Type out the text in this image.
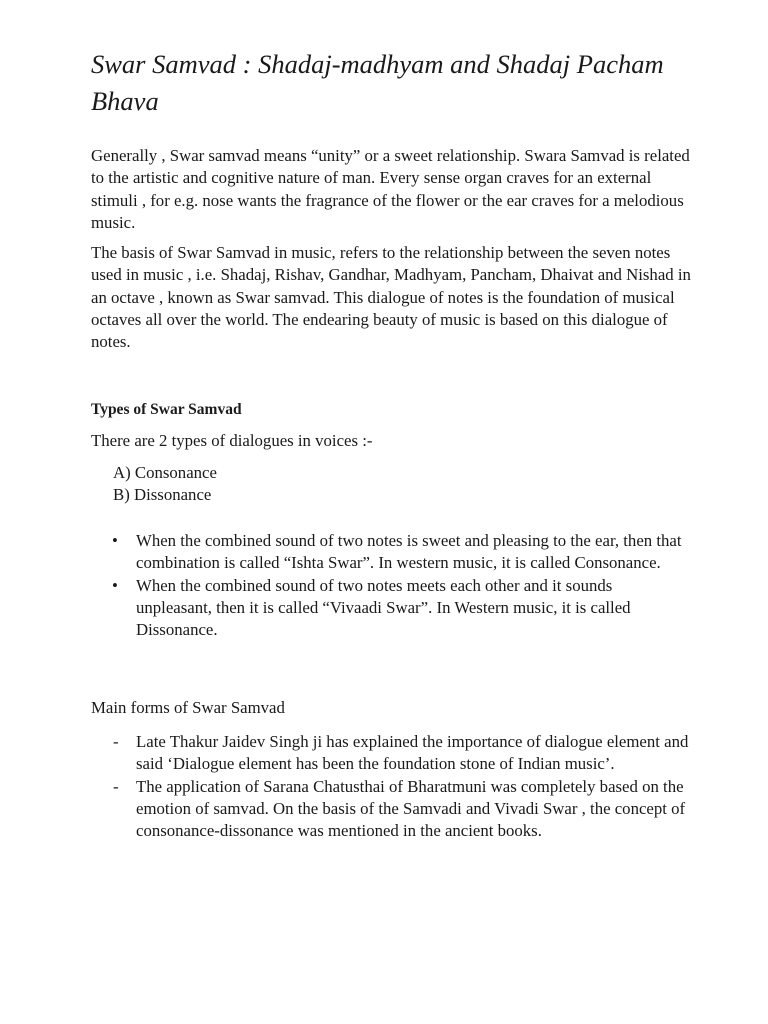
Swar Samvad : Shadaj-madhyam and Shadaj Pacham Bhava

Generally , Swar samvad means “unity” or a sweet relationship. Swara Samvad is related to the artistic and cognitive nature of man. Every sense organ craves for an external stimuli , for e.g. nose wants the fragrance of the flower or the ear craves for a melodious music.

The basis of Swar Samvad in music, refers to the relationship between the seven notes used in music , i.e. Shadaj, Rishav, Gandhar, Madhyam, Pancham, Dhaivat and Nishad in an octave , known as Swar samvad. This dialogue of notes is the foundation of musical octaves all over the world. The endearing beauty of music is based on this dialogue of notes.

Types of Swar Samvad

There are 2 types of dialogues in voices :-

A) Consonance
B) Dissonance
•	When the combined sound of two notes is sweet and pleasing to the ear, then that combination is called “Ishta Swar”. In western music, it is called Consonance.
•	When the combined sound of two notes meets each other and it sounds unpleasant, then it is called “Vivaadi Swar”. In Western music, it is called Dissonance.

Main forms of Swar Samvad

-	Late Thakur Jaidev Singh ji has explained the importance of dialogue element and said ‘Dialogue element has been the foundation stone of Indian music’.
-	The application of Sarana Chatusthai of Bharatmuni was completely based on the emotion of samvad. On the basis of the Samvadi and Vivadi Swar , the concept of consonance-dissonance was mentioned in the ancient books.
